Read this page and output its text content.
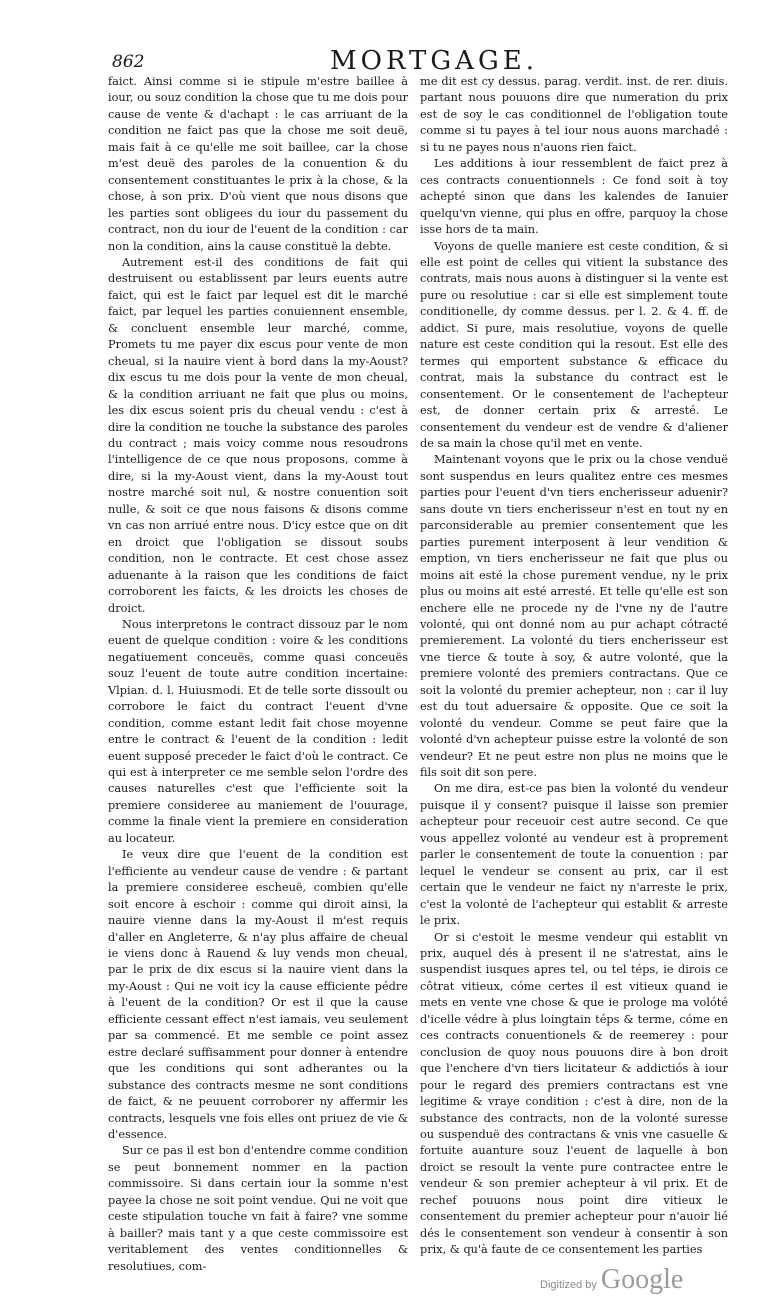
862	MORTGAGE.

faict. Ainsi comme si ie stipule m'estre baillee à iour, ou souz condition la chose que tu me dois pour cause de vente & d'achapt : le cas arriuant de la condition ne faict pas que la chose me soit deuë, mais fait à ce qu'elle me soit baillee, car la chose m'est deuë des paroles de la conuention & du consentement constituantes le prix à la chose, & la chose, à son prix. D'où vient que nous disons que les parties sont obligees du iour du passement du contract, non du iour de l'euent de la condition : car non la condition, ains la cause constituë la debte.

Autrement est-il des conditions de fait qui destruisent ou establissent par leurs euents autre faict, qui est le faict par lequel est dit le marché faict, par lequel les parties conuiennent ensemble, & concluent ensemble leur marché, comme, Promets tu me payer dix escus pour vente de mon cheual, si la nauire vient à bord dans la my-Aoust? dix escus tu me dois pour la vente de mon cheual, & la condition arriuant ne fait que plus ou moins, les dix escus soient pris du cheual vendu : c'est à dire la condition ne touche la substance des paroles du contract ; mais voicy comme nous resoudrons l'intelligence de ce que nous proposons, comme à dire, si la my-Aoust vient, dans la my-Aoust tout nostre marché soit nul, & nostre conuention soit nulle, & soit ce que nous faisons & disons comme vn cas non arriué entre nous. D'icy estce que on dit en droict que l'obligation se dissout soubs condition, non le contracte. Et cest chose assez aduenante à la raison que les conditions de faict corroborent les faicts, & les droicts les choses de droict.

Nous interpretons le contract dissouz par le nom euent de quelque condition : voire & les conditions negatiuement conceuës, comme quasi conceuës souz l'euent de toute autre condition incertaine: Vlpian. d. l. Huiusmodi. Et de telle sorte dissoult ou corrobore le faict du contract l'euent d'vne condition, comme estant ledit fait chose moyenne entre le contract & l'euent de la condition : ledit euent supposé preceder le faict d'où le contract. Ce qui est à interpreter ce me semble selon l'ordre des causes naturelles c'est que l'efficiente soit la premiere consideree au maniement de l'ouurage, comme la finale vient la premiere en consideration au locateur.

Ie veux dire que l'euent de la condition est l'efficiente au vendeur cause de vendre : & partant la premiere consideree escheuë, combien qu'elle soit encore à eschoir : comme qui diroit ainsi, la nauire vienne dans la my-Aoust il m'est requis d'aller en Angleterre, & n'ay plus affaire de cheual ie viens donc à Rauend & luy vends mon cheual, par le prix de dix escus si la nauire vient dans la my-Aoust : Qui ne voit icy la cause efficiente pédre à l'euent de la condition? Or est il que la cause efficiente cessant effect n'est iamais, veu seulement par sa commencé. Et me semble ce point assez estre declaré suffisamment pour donner à entendre que les conditions qui sont adherantes ou la substance des contracts mesme ne sont conditions de faict, & ne peuuent corroborer ny affermir les contracts, lesquels vne fois elles ont priuez de vie & d'essence.

Sur ce pas il est bon d'entendre comme condition se peut bonnement nommer en la paction commissoire. Si dans certain iour la somme n'est payee la chose ne soit point vendue. Qui ne voit que ceste stipulation touche vn fait à faire? vne somme à bailler? mais tant y a que ceste commissoire est veritablement des ventes conditionnelles & resolutiues, com-

me dit est cy dessus. parag. verdit. inst. de rer. diuis. partant nous pouuons dire que numeration du prix est de soy le cas conditionnel de l'obligation toute comme si tu payes à tel iour nous auons marchadé : si tu ne payes nous n'auons rien faict.

Les additions à iour ressemblent de faict prez à ces contracts conuentionnels : Ce fond soit à toy achepté sinon que dans les kalendes de Ianuier quelqu'vn vienne, qui plus en offre, parquoy la chose isse hors de ta main.

Voyons de quelle maniere est ceste condition, & si elle est point de celles qui vitient la substance des contrats, mais nous auons à distinguer si la vente est pure ou resolutiue : car si elle est simplement toute conditionelle, dy comme dessus. per l. 2. & 4. ff. de addict. Si pure, mais resolutiue, voyons de quelle nature est ceste condition qui la resout. Est elle des termes qui emportent substance & efficace du contrat, mais la substance du contract est le consentement. Or le consentement de l'achepteur est, de donner certain prix & arresté. Le consentement du vendeur est de vendre & d'aliener de sa main la chose qu'il met en vente.

Maintenant voyons que le prix ou la chose venduë sont suspendus en leurs qualitez entre ces mesmes parties pour l'euent d'vn tiers encherisseur aduenir? sans doute vn tiers encherisseur n'est en tout ny en parconsiderable au premier consentement que les parties purement interposent à leur vendition & emption, vn tiers encherisseur ne fait que plus ou moins ait esté la chose purement vendue, ny le prix plus ou moins ait esté arresté. Et telle qu'elle est son enchere elle ne procede ny de l'vne ny de l'autre volonté, qui ont donné nom au pur achapt cótracté premierement. La volonté du tiers encherisseur est vne tierce & toute à soy, & autre volonté, que la premiere volonté des premiers contractans. Que ce soit la volonté du premier achepteur, non : car il luy est du tout aduersaire & opposite. Que ce soit la volonté du vendeur. Comme se peut faire que la volonté d'vn achepteur puisse estre la volonté de son vendeur? Et ne peut estre non plus ne moins que le fils soit dit son pere.

On me dira, est-ce pas bien la volonté du vendeur puisque il y consent? puisque il laisse son premier achepteur pour receuoir cest autre second. Ce que vous appellez volonté au vendeur est à proprement parler le consentement de toute la conuention : par lequel le vendeur se consent au prix, car il est certain que le vendeur ne faict ny n'arreste le prix, c'est la volonté de l'achepteur qui establit & arreste le prix.

Or si c'estoit le mesme vendeur qui establit vn prix, auquel dés à present il ne s'atrestat, ains le suspendist iusques apres tel, ou tel téps, ie dirois ce côtrat vitieux, cóme certes il est vitieux quand ie mets en vente vne chose & que ie prologe ma volóté d'icelle védre à plus loingtain téps & terme, cóme en ces contracts conuentionels & de reemerey : pour conclusion de quoy nous pouuons dire à bon droit que l'enchere d'vn tiers licitateur & addictiós à iour pour le regard des premiers contractans est vne legitime & vraye condition : c'est à dire, non de la substance des contracts, non de la volonté suresse ou suspenduë des contractans & vnis vne casuelle & fortuite auanture souz l'euent de laquelle à bon droict se resoult la vente pure contractee entre le vendeur & son premier achepteur à vil prix. Et de rechef pouuons nous point dire vitieux le consentement du premier achepteur pour n'auoir lié dés le consentement son vendeur à consentir à son prix, & qu'à faute de ce consentement les parties

Digitized by Google
